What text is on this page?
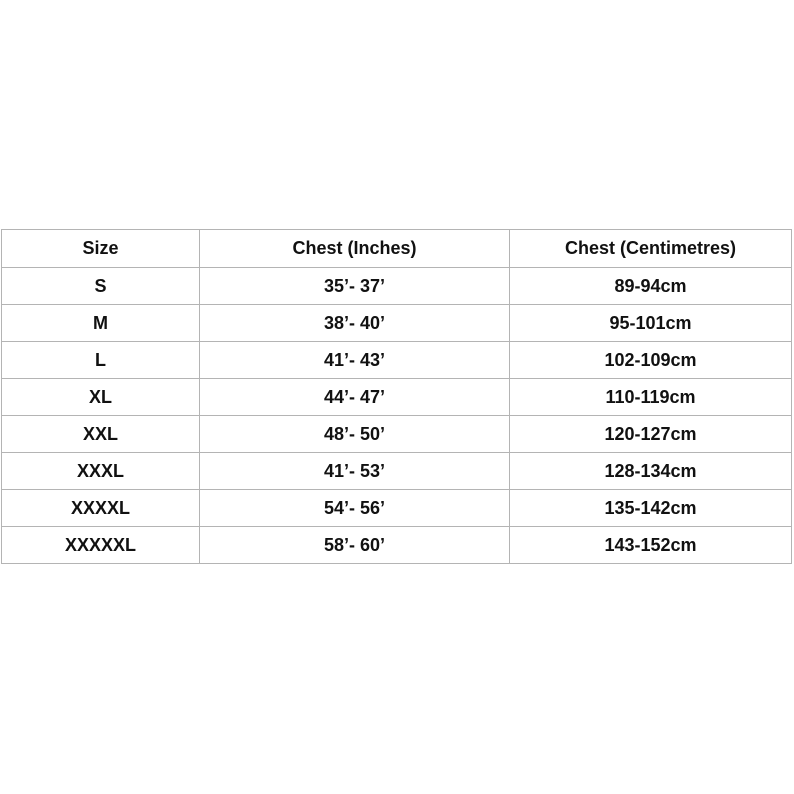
Size	Chest (Inches)	Chest (Centimetres)
S	35’- 37’	89-94cm
M	38’- 40’	95-101cm
L	41’- 43’	102-109cm
XL	44’- 47’	110-119cm
XXL	48’- 50’	120-127cm
XXXL	41’- 53’	128-134cm
XXXXL	54’- 56’	135-142cm
XXXXXL	58’- 60’	143-152cm
